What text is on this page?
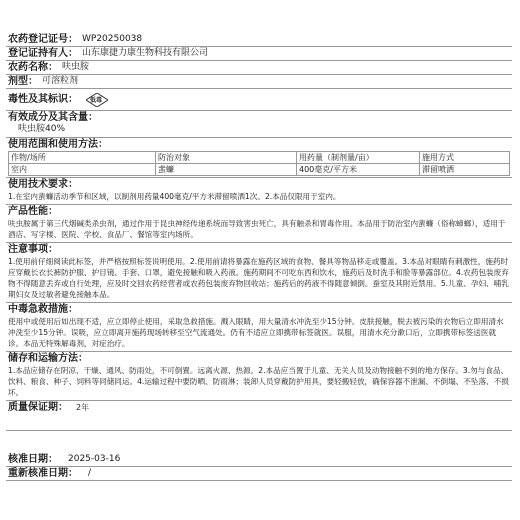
农药登记证号： WP20250038
登记证持有人： 山东康捷力康生物科技有限公司
农药名称： 呋虫胺
剂型： 可溶粒剂
毒性及其标识： 低毒
有效成分及其含量：
呋虫胺40%
使用范围和使用方法：
作物/场所	防治对象	用药量（制剂量/亩）	施用方式
室内	蜚蠊	400毫克/平方米	滞留喷洒
使用技术要求：
1.在室内蜚蠊活动季节和区域，以制剂用药量400毫克/平方米滞留喷洒1次。2.本品仅限用于室内。
产品性能：
呋虫胺属于第三代烟碱类杀虫剂，通过作用于昆虫神经传递系统而导致害虫死亡，具有触杀和胃毒作用。本品用于防治室内蜚蠊（俗称蟑螂），适用于酒店、写字楼、医院、学校、食品厂、餐馆等室内场所。
注意事项：
1.使用前仔细阅读此标签，并严格按照标签说明使用。2.使用前请将暴露在施药区域的食物、餐具等物品移走或覆盖。3.本品对眼睛有刺激性，施药时应穿戴长衣长裤防护服、护目镜、手套、口罩，避免接触和吸入药液。施药期间不可吃东西和饮水，施药后及时洗手和脸等暴露部位。4.农药包装废弃物不得随意丢弃或自行处理，应及时交回农药经营者或农药包装废弃物回收站；施药后的药液不得随意倾倒。蚕室及其附近禁用。5.儿童、孕妇、哺乳期妇女及过敏者避免接触本品。
中毒急救措施：
使用中或使用后如出现不适，应立即停止使用，采取急救措施。溅入眼睛，用大量清水冲洗至少15分钟。皮肤接触，脱去被污染的衣物后立即用清水冲洗至少15分钟。误吸，应立即离开施药现场转移至空气流通处。仍有不适应立即携带标签就医。误服，用清水充分漱口后，立即携带标签送医就诊。本品无特殊解毒剂，对症治疗。
储存和运输方法：
1.本品应储存在阴凉、干燥、通风、防雨处，不可倒置。远离火源、热源。2.本品应当置于儿童、无关人员及动物接触不到的地方保存。3.勿与食品、饮料、粮食、种子、饲料等同储同运。4.运输过程中要防晒、防雨淋；装卸人员穿戴防护用具，要轻搬轻放，确保容器不泄漏、不倒塌、不坠落、不损坏。
质量保证期：	2年
核准日期： 2025-03-16
重新核准日期： /
